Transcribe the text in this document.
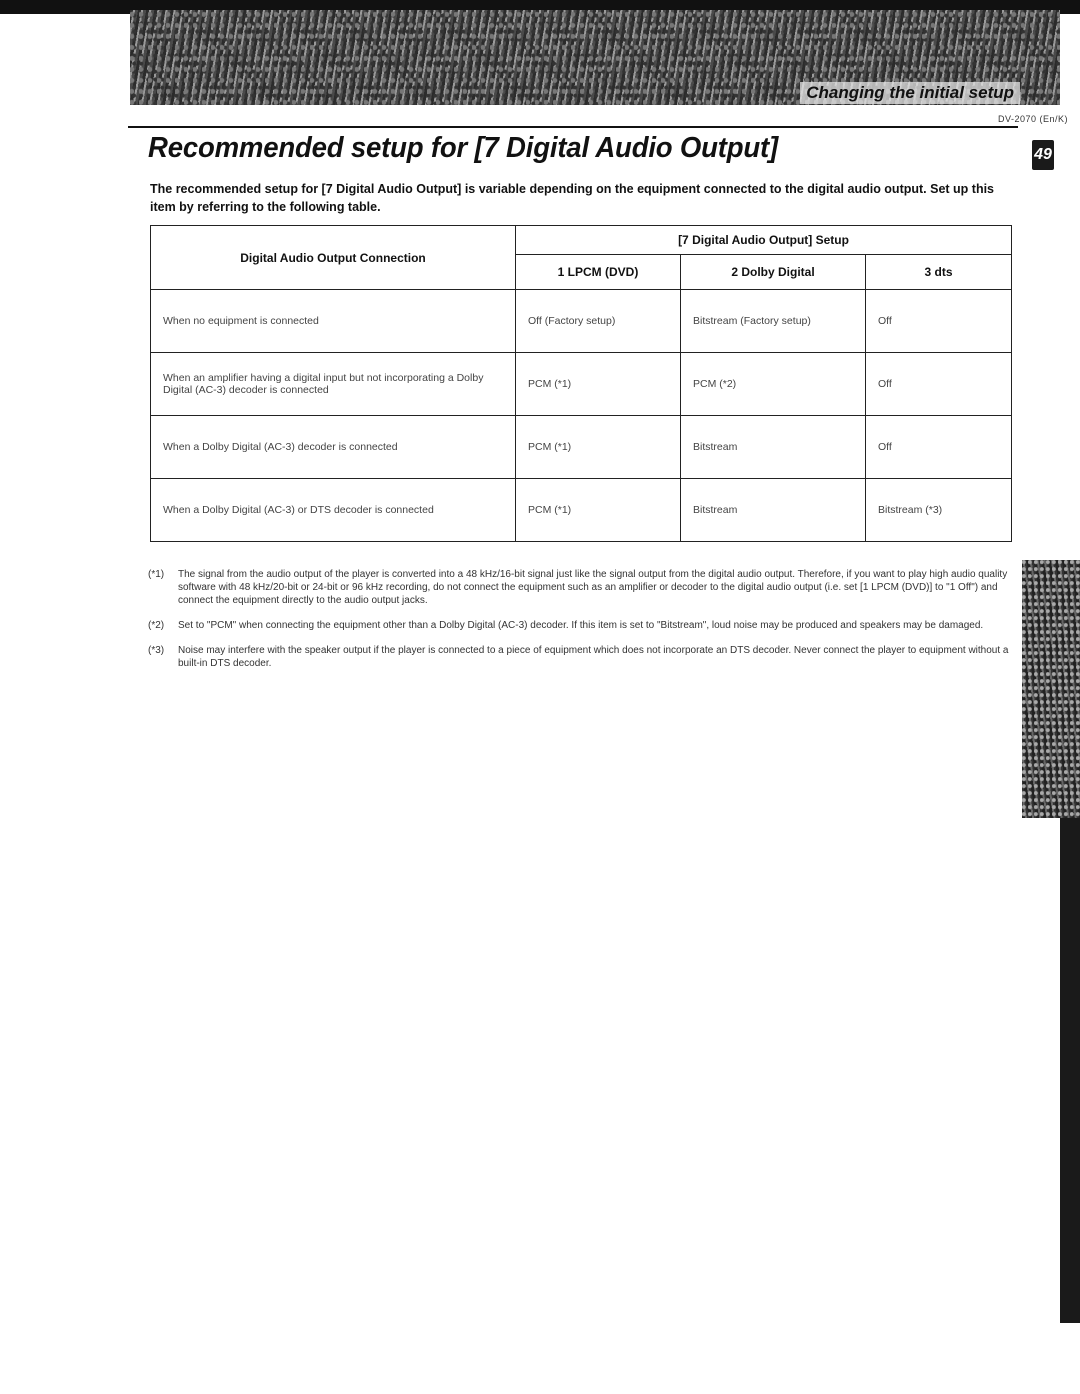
Changing the initial setup
DV-2070 (En/K)
Recommended setup for [7 Digital Audio Output]	49

The recommended setup for [7 Digital Audio Output] is variable depending on the equipment connected to the digital audio output. Set up this item by referring to the following table.

Digital Audio Output Connection	[7 Digital Audio Output] Setup		
	1 LPCM (DVD)	2 Dolby Digital	3 dts
When no equipment is connected	Off (Factory setup)	Bitstream (Factory setup)	Off
When an amplifier having a digital input but not incorporating a Dolby Digital (AC-3) decoder is connected	PCM (*1)	PCM (*2)	Off
When a Dolby Digital (AC-3) decoder is connected	PCM (*1)	Bitstream	Off
When a Dolby Digital (AC-3) or DTS decoder is connected	PCM (*1)	Bitstream	Bitstream (*3)
(*1)	The signal from the audio output of the player is converted into a 48 kHz/16-bit signal just like the signal output from the digital audio output. Therefore, if you want to play high audio quality software with 48 kHz/20-bit or 24-bit or 96 kHz recording, do not connect the equipment such as an amplifier or decoder to the digital audio output (i.e. set [1 LPCM (DVD)] to "1 Off") and connect the equipment directly to the audio output jacks.
(*2)	Set to "PCM" when connecting the equipment other than a Dolby Digital (AC-3) decoder. If this item is set to "Bitstream", loud noise may be produced and speakers may be damaged.
(*3)	Noise may interfere with the speaker output if the player is connected to a piece of equipment which does not incorporate an DTS decoder. Never connect the player to equipment without a built-in DTS decoder.
